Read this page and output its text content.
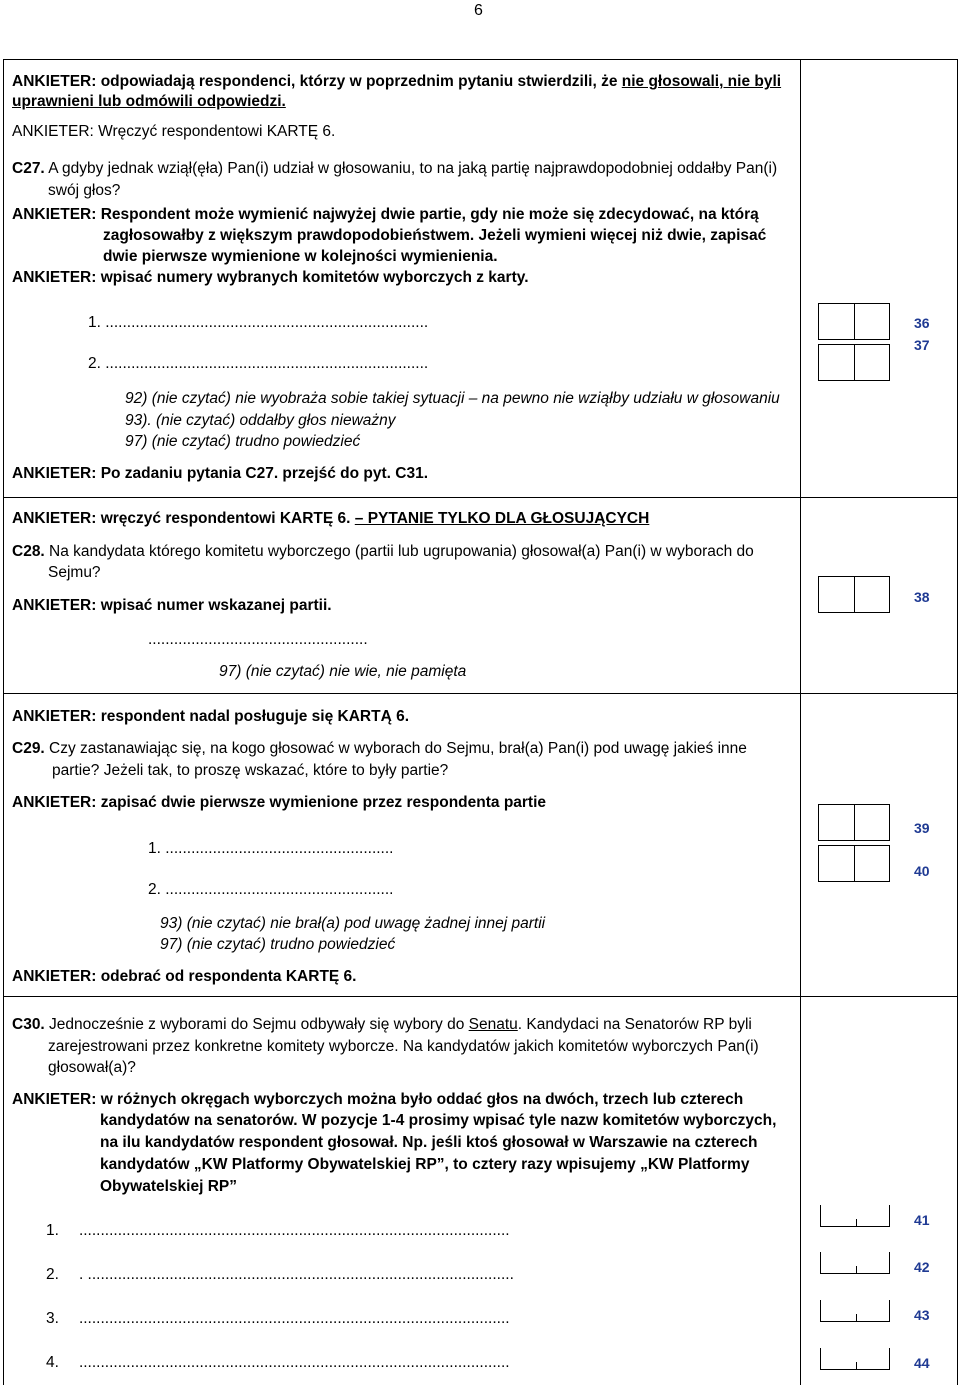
6
ANKIETER: odpowiadają respondenci, którzy w poprzednim pytaniu stwierdzili, że nie głosowali, nie byli
uprawnieni lub odmówili odpowiedzi.
ANKIETER: Wręczyć respondentowi KARTĘ 6.
C27. A gdyby jednak wziął(ęła) Pan(i) udział w głosowaniu, to na jaką partię najprawdopodobniej oddałby Pan(i)
swój głos?
ANKIETER: Respondent może wymienić najwyżej dwie partie, gdy nie może się zdecydować, na którą
zagłosowałby z większym prawdopodobieństwem. Jeżeli wymieni więcej niż dwie, zapisać
dwie pierwsze wymienione w kolejności wymienienia.
ANKIETER: wpisać numery wybranych komitetów wyborczych z karty.
1. ...........................................................................
2. ...........................................................................
92) (nie czytać) nie wyobraża sobie takiej sytuacji – na pewno nie wziąłby udziału w głosowaniu
93). (nie czytać) oddałby głos nieważny
97) (nie czytać) trudno powiedzieć
ANKIETER: Po zadaniu pytania C27. przejść do pyt. C31.
36
37
ANKIETER: wręczyć respondentowi KARTĘ 6. – PYTANIE TYLKO DLA GŁOSUJĄCYCH
C28. Na kandydata którego komitetu wyborczego (partii lub ugrupowania) głosował(a) Pan(i) w wyborach do
Sejmu?
ANKIETER: wpisać numer wskazanej partii.
...................................................
97) (nie czytać) nie wie, nie pamięta
38
ANKIETER: respondent nadal posługuje się KARTĄ 6.
C29. Czy zastanawiając się, na kogo głosować w wyborach do Sejmu, brał(a) Pan(i) pod uwagę jakieś inne
partie? Jeżeli tak, to proszę wskazać, które to były partie?
ANKIETER: zapisać dwie pierwsze wymienione przez respondenta partie
1. .....................................................
2. .....................................................
93) (nie czytać) nie brał(a) pod uwagę żadnej innej partii
97) (nie czytać) trudno powiedzieć
ANKIETER: odebrać od respondenta KARTĘ 6.
39
40
C30. Jednocześnie z wyborami do Sejmu odbywały się wybory do Senatu. Kandydaci na Senatorów RP byli
zarejestrowani przez konkretne komitety wyborcze. Na kandydatów jakich komitetów wyborczych Pan(i)
głosował(a)?
ANKIETER: w różnych okręgach wyborczych można było oddać głos na dwóch, trzech lub czterech
kandydatów na senatorów. W pozycje 1-4 prosimy wpisać tyle nazw komitetów wyborczych,
na ilu kandydatów respondent głosował. Np. jeśli ktoś głosował w Warszawie na czterech
kandydatów „KW Platformy Obywatelskiej RP”, to cztery razy wpisujemy „KW Platformy
Obywatelskiej RP”
1. ....................................................................................................
2. . ...................................................................................................
3. ....................................................................................................
4. ....................................................................................................
41
42
43
44
